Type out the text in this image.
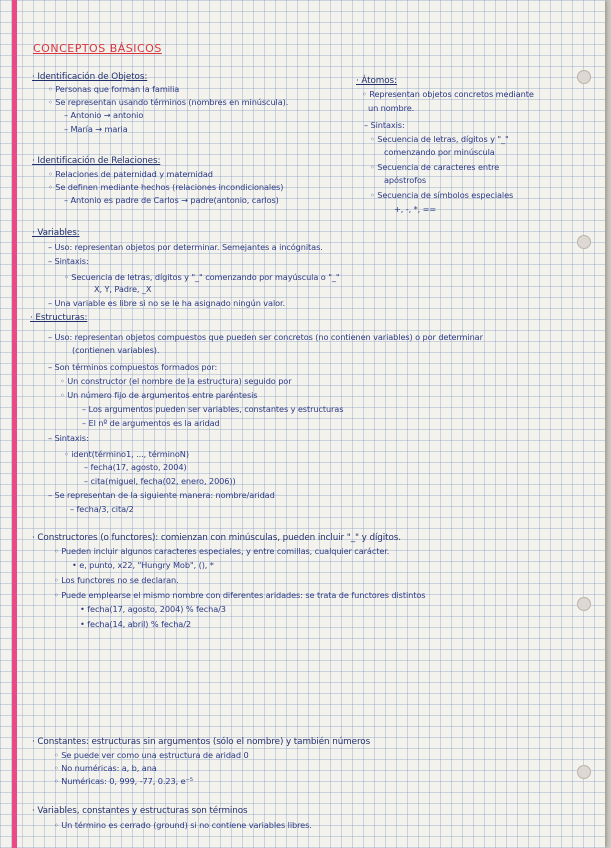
CONCEPTOS BÁSICOS

· Identificación de Objetos:

◦ Personas que forman la familia

◦ Se representan usando términos (nombres en minúscula).

– Antonio → antonio

– María → maria

· Identificación de Relaciones:

◦ Relaciones de paternidad y maternidad

◦ Se definen mediante hechos (relaciones incondicionales)

– Antonio es padre de Carlos → padre(antonio, carlos)

· Variables:

– Uso: representan objetos por determinar. Semejantes a incógnitas.

– Sintaxis:

◦ Secuencia de letras, dígitos y "_" comenzando por mayúscula o "_"

X, Y, Padre, _X

– Una variable es libre si no se le ha asignado ningún valor.

· Estructuras:

– Uso: representan objetos compuestos que pueden ser concretos (no contienen variables) o por determinar

(contienen variables).

– Son términos compuestos formados por:

◦ Un constructor (el nombre de la estructura) seguido por

◦ Un número fijo de argumentos entre paréntesis

– Los argumentos pueden ser variables, constantes y estructuras

– El nº de argumentos es la aridad

– Sintaxis:

◦ ident(término1, ..., términoN)

– fecha(17, agosto, 2004)

– cita(miguel, fecha(02, enero, 2006))

– Se representan de la siguiente manera: nombre/aridad

– fecha/3, cita/2

· Constructores (o functores): comienzan con minúsculas, pueden incluir "_" y dígitos.

◦ Pueden incluir algunos caracteres especiales, y entre comillas, cualquier carácter.

• e, punto, x22, "Hungry Mob", (), *

◦ Los functores no se declaran.

◦ Puede emplearse el mismo nombre con diferentes aridades: se trata de functores distintos

• fecha(17, agosto, 2004) % fecha/3

• fecha(14, abril) % fecha/2

· Constantes: estructuras sin argumentos (sólo el nombre) y también números

◦ Se puede ver como una estructura de aridad 0

◦ No numéricas: a, b, ana

◦ Numéricas: 0, 999, -77, 0.23, e⁻⁵

· Variables, constantes y estructuras son términos

◦ Un término es cerrado (ground) si no contiene variables libres.

· Átomos:

◦ Representan objetos concretos mediante

un nombre.

– Sintaxis:

◦ Secuencia de letras, dígitos y "_"

comenzando por minúscula

◦ Secuencia de caracteres entre

apóstrofos

◦ Secuencia de símbolos especiales

+, -, *, ==
